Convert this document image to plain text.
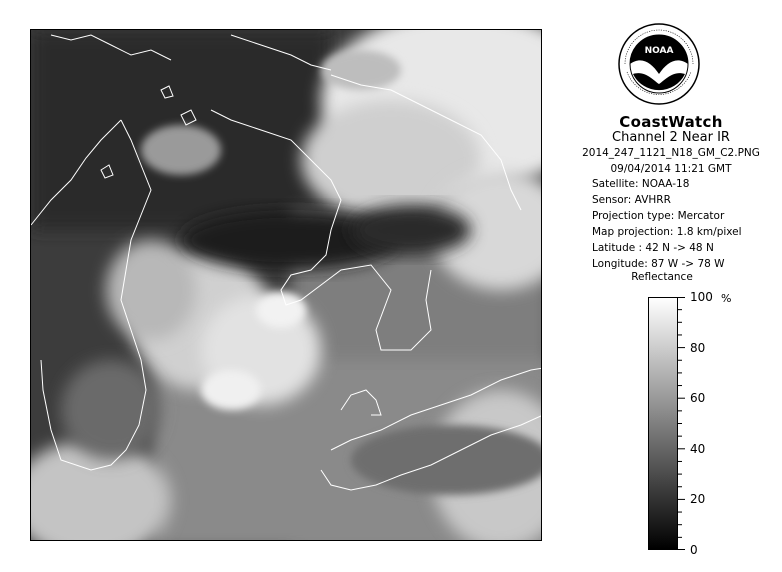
NOAA
CoastWatch
Channel 2 Near IR
2014_247_1121_N18_GM_C2.PNG
09/04/2014 11:21 GMT
Satellite: NOAA-18
Sensor: AVHRR
Projection type: Mercator
Map projection: 1.8 km/pixel
Latitude : 42 N -> 48 N
Longitude: 87 W -> 78 W
Reflectance
%
100
80
60
40
20
0
